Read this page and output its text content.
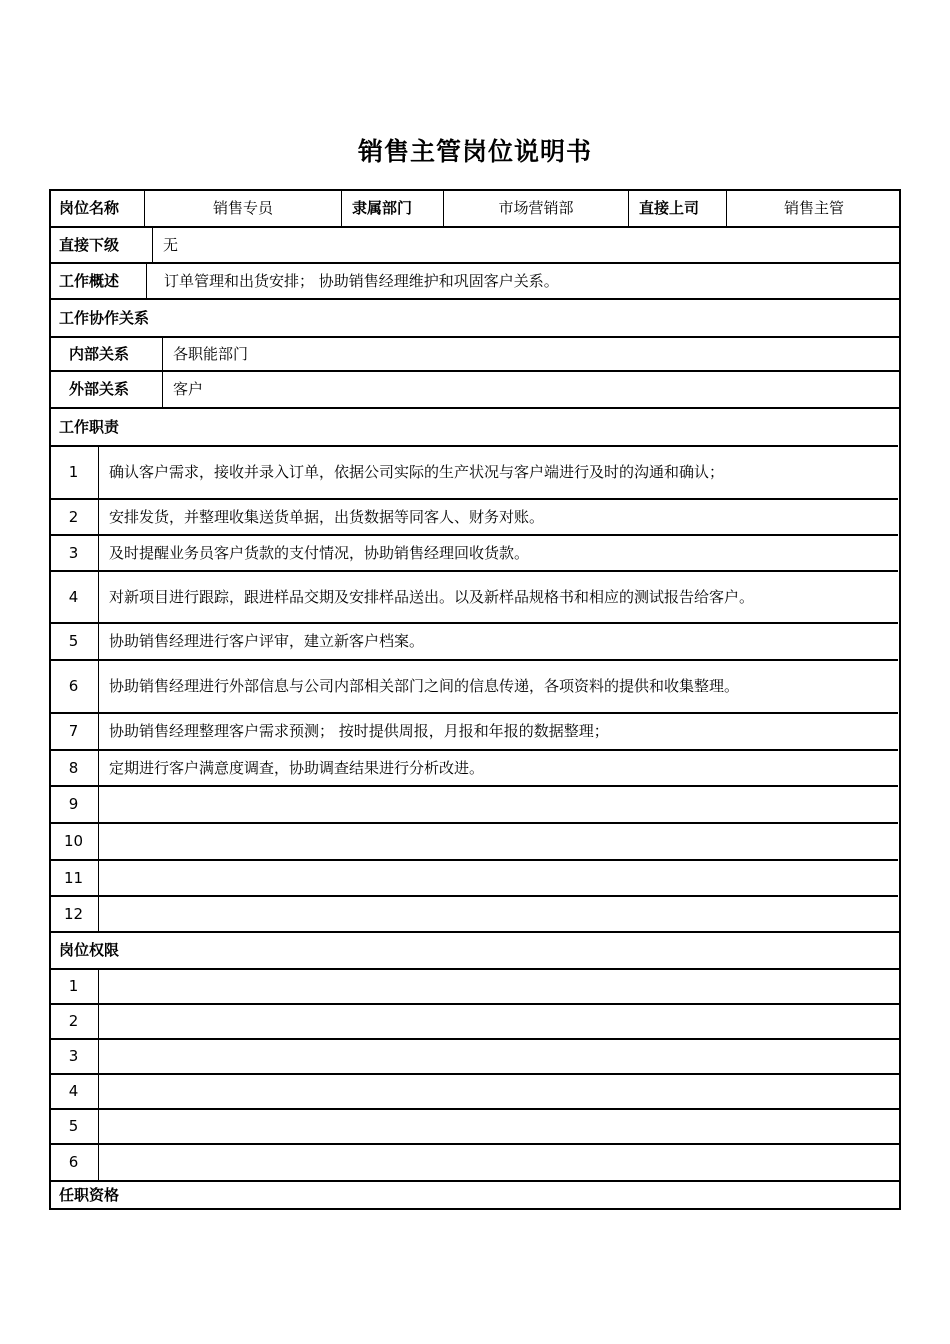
销售主管岗位说明书
岗位名称	销售专员	隶属部门	市场营销部	直接上司	销售主管
直接下级	无
工作概述	订单管理和出货安排； 协助销售经理维护和巩固客户关系。
工作协作关系
内部关系	各职能部门
外部关系	客户
工作职责
1	确认客户需求，接收并录入订单，依据公司实际的生产状况与客户端进行及时的沟通和确认；
2	安排发货，并整理收集送货单据，出货数据等同客人、财务对账。
3	及时提醒业务员客户货款的支付情况，协助销售经理回收货款。
4	对新项目进行跟踪，跟进样品交期及安排样品送出。以及新样品规格书和相应的测试报告给客户。
5	协助销售经理进行客户评审，建立新客户档案。
6	协助销售经理进行外部信息与公司内部相关部门之间的信息传递，各项资料的提供和收集整理。
7	协助销售经理整理客户需求预测； 按时提供周报，月报和年报的数据整理；
8	定期进行客户满意度调查，协助调查结果进行分析改进。
9
10
11
12
岗位权限
1
2
3
4
5
6
任职资格
